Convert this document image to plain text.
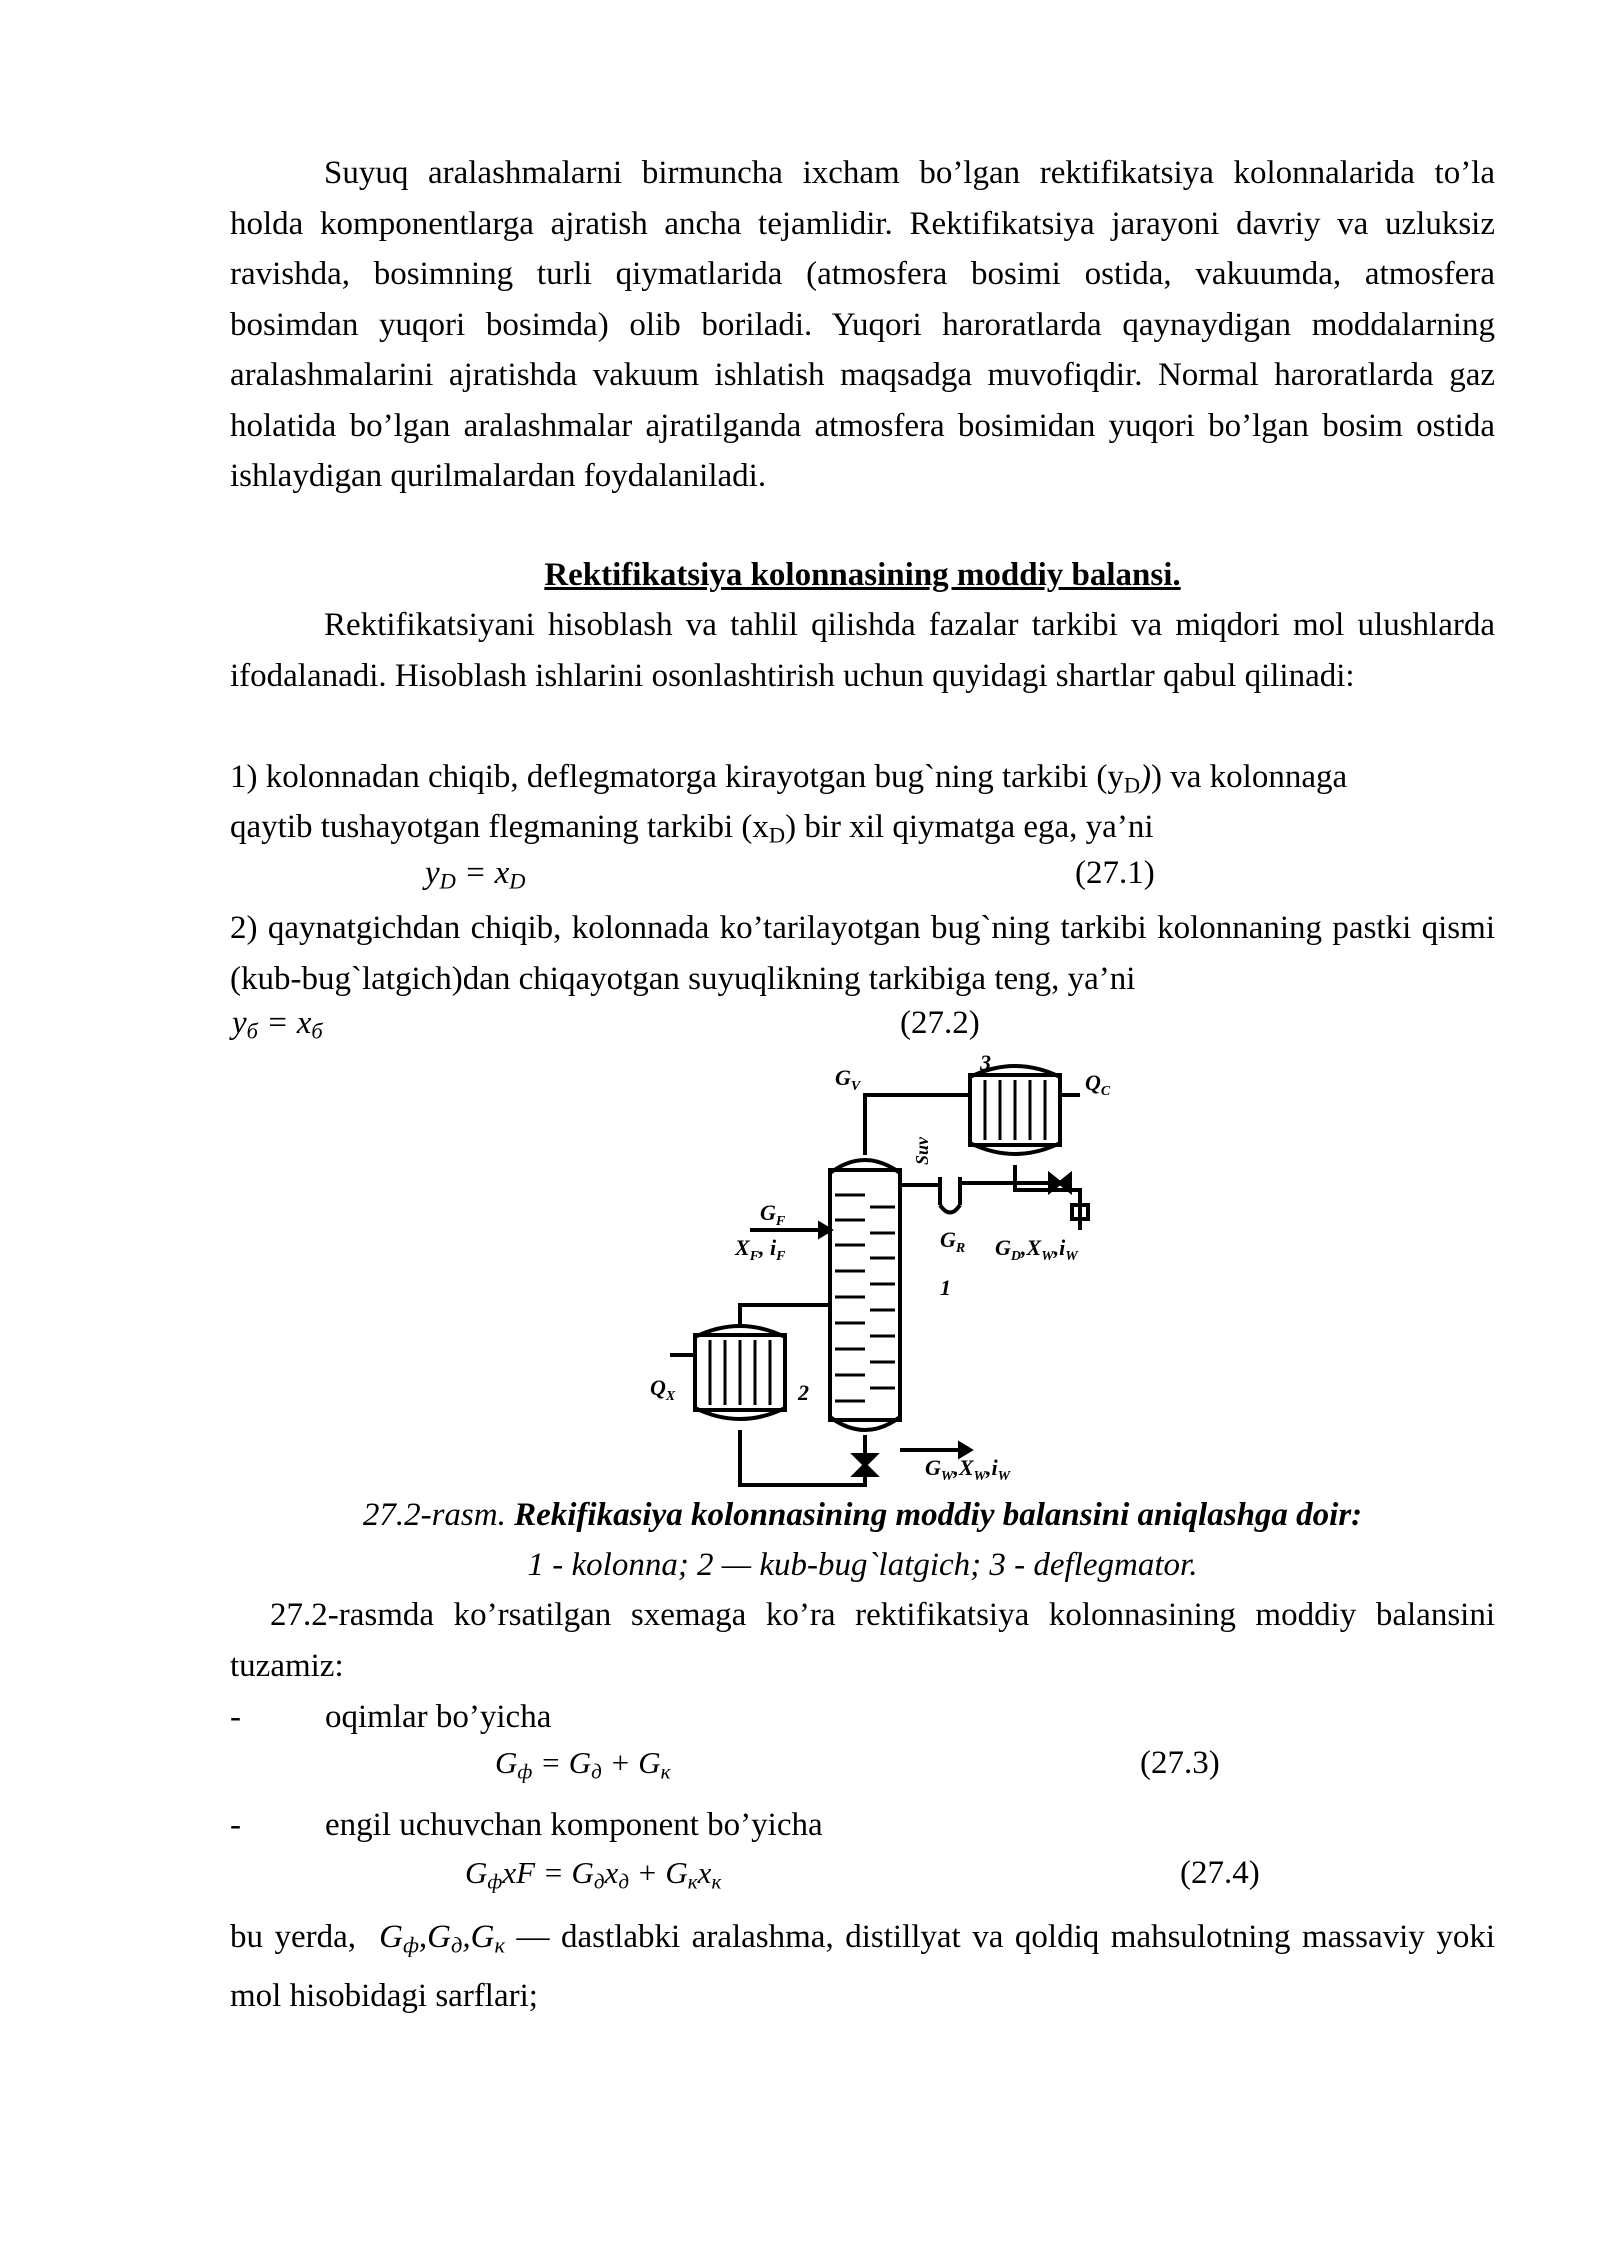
Suyuq aralashmalarni birmuncha ixcham bo’lgan rektifikatsiya kolonnalarida to’la holda komponentlarga ajratish ancha tejamlidir. Rektifikatsiya jarayoni davriy va uzluksiz ravishda, bosimning turli qiymatlarida (atmosfera bosimi ostida, vakuumda, atmosfera bosimdan yuqori bosimda) olib boriladi. Yuqori haroratlarda qaynaydigan moddalarning aralashmalarini ajratishda vakuum ishlatish maqsadga muvofiqdir. Normal haroratlarda gaz holatida bo’lgan aralashmalar ajratilganda atmosfera bosimidan yuqori bo’lgan bosim ostida ishlaydigan qurilmalardan foydalaniladi.
Rektifikatsiya kolonnasining moddiy balansi.
Rektifikatsiyani hisoblash va tahlil qilishda fazalar tarkibi va miqdori mol ulushlarda ifodalanadi. Hisoblash ishlarini osonlashtirish uchun quyidagi shartlar qabul qilinadi:
1) kolonnadan chiqib, deflegmatorga kirayotgan bug`ning tarkibi $(y_D)$) va kolonnaga
qaytib tushayotgan flegmaning tarkibi $(x_D)$ bir xil qiymatga ega, ya’ni
$y_D = x_D$	(27.1)
2) qaynatgichdan chiqib, kolonnada ko’tarilayotgan bug`ning tarkibi kolonnaning pastki qismi (kub-bug`latgich)dan chiqayotgan suyuqlikning tarkibiga teng, ya’ni
$y_б = x_б$	(27.2)
$G_V$
3
$Q_C$
Suv
$G_F$
$X_F$, $i_F$
$G_R$ $G_D,X_W,i_W$
1
$Q_X$	2
$G_W,X_W,i_W$
27.2-rasm. Rekifikasiya kolonnasining moddiy balansini aniqlashga doir:
1 - kolonna; 2 — kub-bug`latgich; 3 - deflegmator.
27.2-rasmda ko’rsatilgan sxemaga ko’ra rektifikatsiya kolonnasining moddiy balansini tuzamiz:
-	oqimlar bo’yicha
$G_ф = G_д + G_к$	(27.3)
-	engil uchuvchan komponent bo’yicha
$G_фxF = G_дx_д + G_кx_к$	(27.4)
bu yerda, $G_ф,G_д,G_к$ — dastlabki aralashma, distillyat va qoldiq mahsulotning massaviy yoki mol hisobidagi sarflari;
